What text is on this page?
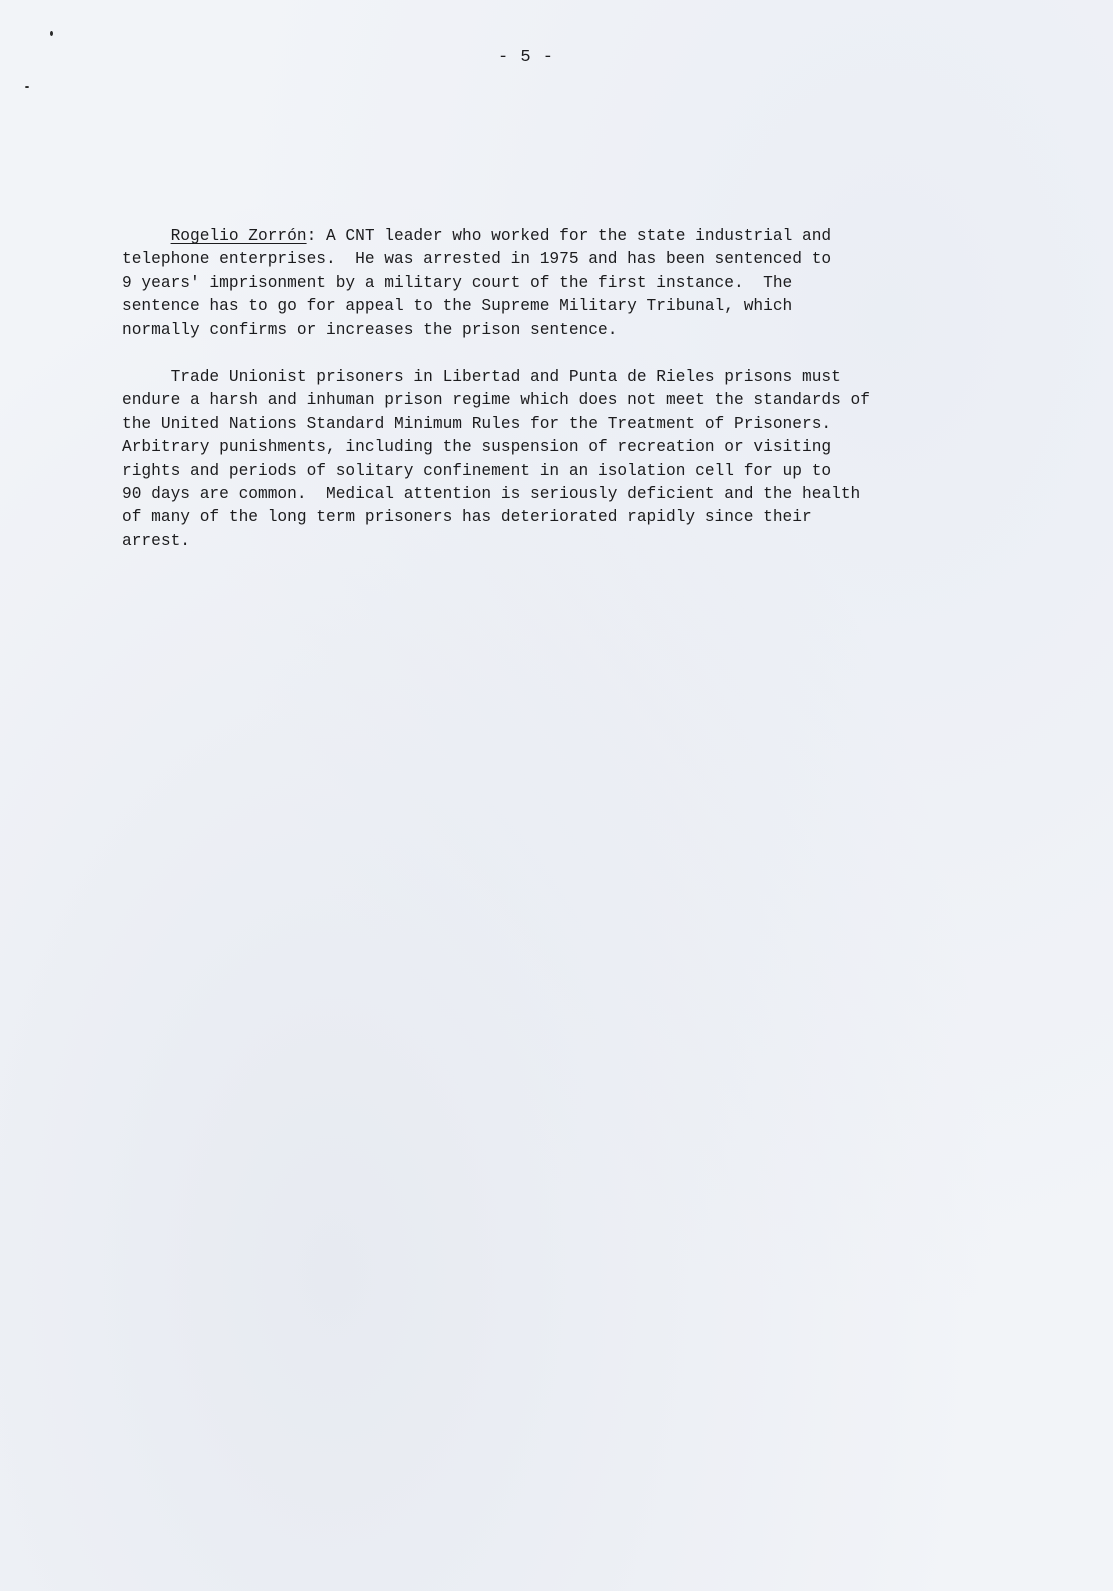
- 5 -
Rogelio Zorrón: A CNT leader who worked for the state industrial and
telephone enterprises.  He was arrested in 1975 and has been sentenced to
9 years' imprisonment by a military court of the first instance.  The
sentence has to go for appeal to the Supreme Military Tribunal, which
normally confirms or increases the prison sentence.
Trade Unionist prisoners in Libertad and Punta de Rieles prisons must
endure a harsh and inhuman prison regime which does not meet the standards of
the United Nations Standard Minimum Rules for the Treatment of Prisoners.
Arbitrary punishments, including the suspension of recreation or visiting
rights and periods of solitary confinement in an isolation cell for up to
90 days are common.  Medical attention is seriously deficient and the health
of many of the long term prisoners has deteriorated rapidly since their
arrest.
